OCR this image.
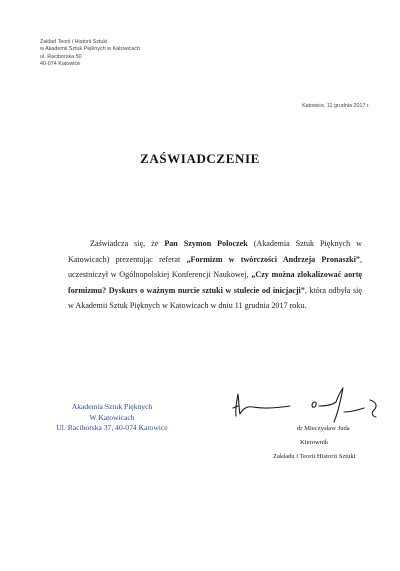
Zakład Teorii i Historii Sztuki
w Akademii Sztuk Pięknych w Katowicach
ul. Raciborska 50
40-074 Katowice
Katowice, 11 grudnia 2017 r.
ZAŚWIADCZENIE
Zaświadcza się, że Pan Szymon Poloczek (Akademia Sztuk Pięknych w Katowicach) prezentując referat „Formizm w twórczości Andrzeja Pronaszki”, uczestniczył w Ogólnopolskiej Konferencji Naukowej, „Czy można zlokalizować aortę formizmu? Dyskurs o ważnym nurcie sztuki w stulecie od inicjacji”, która odbyła się w Akademii Sztuk Pięknych w Katowicach w dniu 11 grudnia 2017 roku.
Akademia Sztuk Pięknych
W Katowicach
Ul. Raciborska 37, 40-074 Katowice	dr Mieczysław Juda
Kierownik
Zakładu i Teorii Historii Sztuki
